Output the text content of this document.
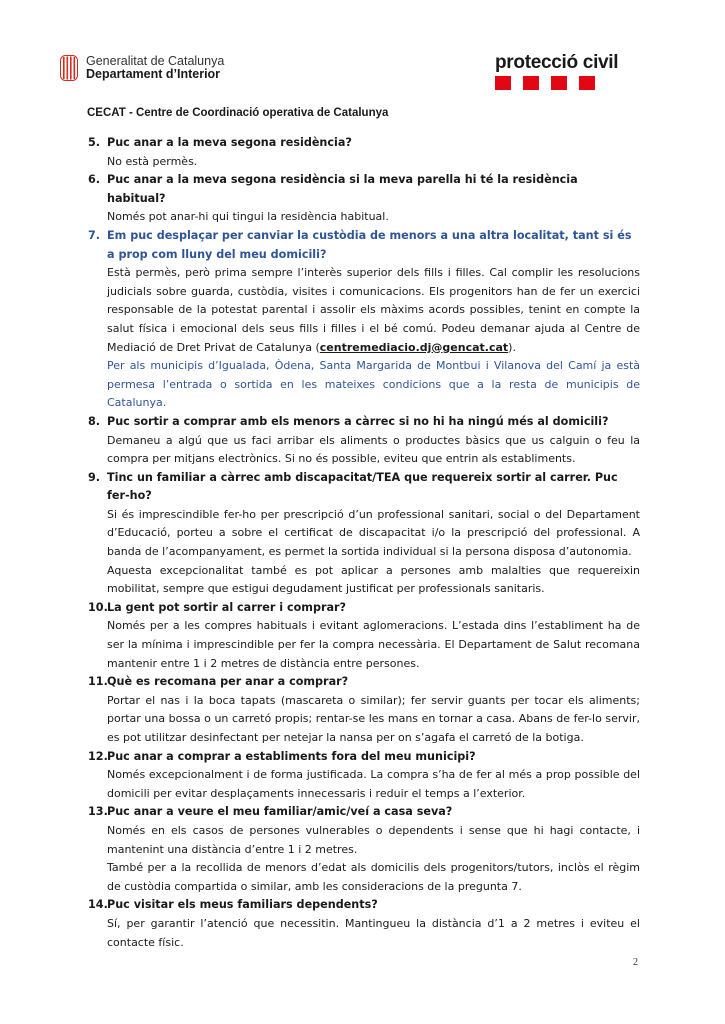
Generalitat de Catalunya
Departament d’Interior
protecció civil
CECAT - Centre de Coordinació operativa de Catalunya
5. Puc anar a la meva segona residència?
No està permès.
6. Puc anar a la meva segona residència si la meva parella hi té la residència habitual?
Només pot anar-hi qui tingui la residència habitual.
7. Em puc desplaçar per canviar la custòdia de menors a una altra localitat, tant si és a prop com lluny del meu domicili?
Està permès, però prima sempre l’interès superior dels fills i filles. Cal complir les resolucions judicials sobre guarda, custòdia, visites i comunicacions. Els progenitors han de fer un exercici responsable de la potestat parental i assolir els màxims acords possibles, tenint en compte la salut física i emocional dels seus fills i filles i el bé comú. Podeu demanar ajuda al Centre de Mediació de Dret Privat de Catalunya (centremediacio.dj@gencat.cat).
Per als municipis d’Igualada, Òdena, Santa Margarida de Montbui i Vilanova del Camí ja està permesa l’entrada o sortida en les mateixes condicions que a la resta de municipis de Catalunya.
8. Puc sortir a comprar amb els menors a càrrec si no hi ha ningú més al domicili?
Demaneu a algú que us faci arribar els aliments o productes bàsics que us calguin o feu la compra per mitjans electrònics. Si no és possible, eviteu que entrin als establiments.
9. Tinc un familiar a càrrec amb discapacitat/TEA que requereix sortir al carrer. Puc fer-ho?
Si és imprescindible fer-ho per prescripció d’un professional sanitari, social o del Departament d’Educació, porteu a sobre el certificat de discapacitat i/o la prescripció del professional. A banda de l’acompanyament, es permet la sortida individual si la persona disposa d’autonomia.
Aquesta excepcionalitat també es pot aplicar a persones amb malalties que requereixin mobilitat, sempre que estigui degudament justificat per professionals sanitaris.
10. La gent pot sortir al carrer i comprar?
Només per a les compres habituals i evitant aglomeracions. L’estada dins l’establiment ha de ser la mínima i imprescindible per fer la compra necessària. El Departament de Salut recomana mantenir entre 1 i 2 metres de distància entre persones.
11. Què es recomana per anar a comprar?
Portar el nas i la boca tapats (mascareta o similar); fer servir guants per tocar els aliments; portar una bossa o un carretó propis; rentar-se les mans en tornar a casa. Abans de fer-lo servir, es pot utilitzar desinfectant per netejar la nansa per on s’agafa el carretó de la botiga.
12. Puc anar a comprar a establiments fora del meu municipi?
Només excepcionalment i de forma justificada. La compra s’ha de fer al més a prop possible del domicili per evitar desplaçaments innecessaris i reduir el temps a l’exterior.
13. Puc anar a veure el meu familiar/amic/veí a casa seva?
Només en els casos de persones vulnerables o dependents i sense que hi hagi contacte, i mantenint una distància d’entre 1 i 2 metres.
També per a la recollida de menors d’edat als domicilis dels progenitors/tutors, inclòs el règim de custòdia compartida o similar, amb les consideracions de la pregunta 7.
14. Puc visitar els meus familiars dependents?
Sí, per garantir l’atenció que necessitin. Mantingueu la distància d’1 a 2 metres i eviteu el contacte físic.
2
